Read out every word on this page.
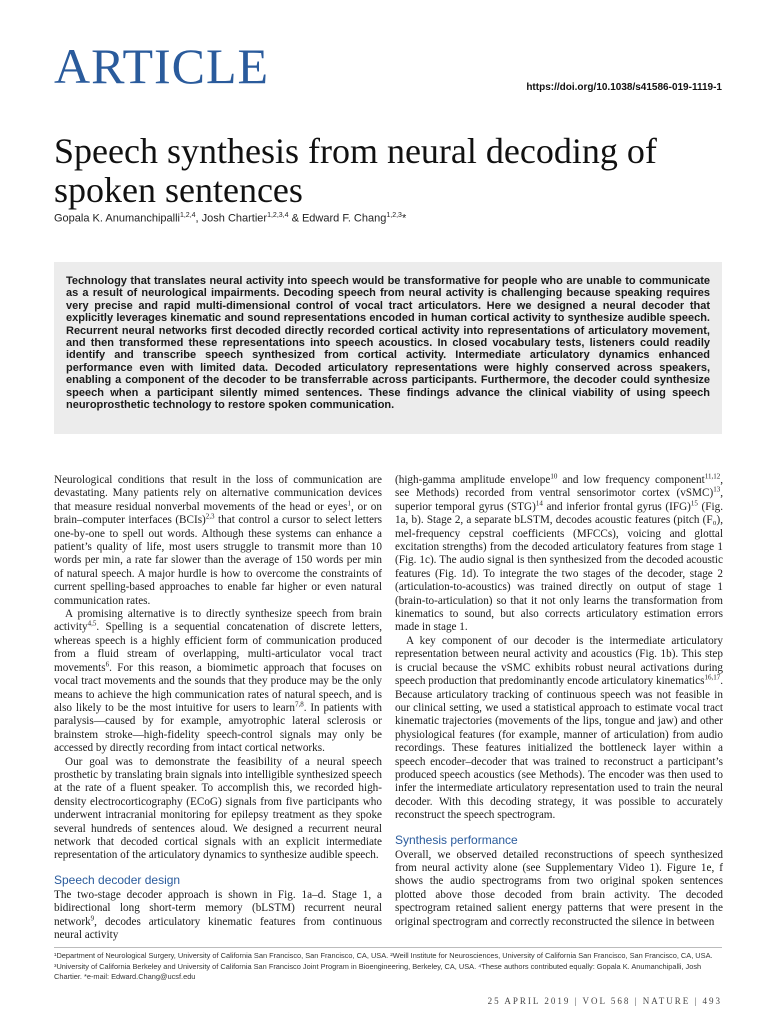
ARTICLE	https://doi.org/10.1038/s41586-019-1119-1
Speech synthesis from neural decoding of spoken sentences
Gopala K. Anumanchipalli$^{1,2,4}$, Josh Chartier$^{1,2,3,4}$ & Edward F. Chang$^{1,2,3}$*

Technology that translates neural activity into speech would be transformative for people who are unable to communicate as a result of neurological impairments. Decoding speech from neural activity is challenging because speaking requires very precise and rapid multi-dimensional control of vocal tract articulators. Here we designed a neural decoder that explicitly leverages kinematic and sound representations encoded in human cortical activity to synthesize audible speech. Recurrent neural networks first decoded directly recorded cortical activity into representations of articulatory movement, and then transformed these representations into speech acoustics. In closed vocabulary tests, listeners could readily identify and transcribe speech synthesized from cortical activity. Intermediate articulatory dynamics enhanced performance even with limited data. Decoded articulatory representations were highly conserved across speakers, enabling a component of the decoder to be transferrable across participants. Furthermore, the decoder could synthesize speech when a participant silently mimed sentences. These findings advance the clinical viability of using speech neuroprosthetic technology to restore spoken communication.

Neurological conditions that result in the loss of communication are devastating. Many patients rely on alternative communication devices that measure residual nonverbal movements of the head or eyes$^1$, or on brain–computer interfaces (BCIs)$^{2,3}$ that control a cursor to select letters one-by-one to spell out words. Although these systems can enhance a patient’s quality of life, most users struggle to transmit more than 10 words per min, a rate far slower than the average of 150 words per min of natural speech. A major hurdle is how to overcome the constraints of current spelling-based approaches to enable far higher or even natural communication rates.

A promising alternative is to directly synthesize speech from brain activity$^{4,5}$. Spelling is a sequential concatenation of discrete letters, whereas speech is a highly efficient form of communication produced from a fluid stream of overlapping, multi-articulator vocal tract movements$^6$. For this reason, a biomimetic approach that focuses on vocal tract movements and the sounds that they produce may be the only means to achieve the high communication rates of natural speech, and is also likely to be the most intuitive for users to learn$^{7,8}$. In patients with paralysis—caused by for example, amyotrophic lateral sclerosis or brainstem stroke—high-fidelity speech-control signals may only be accessed by directly recording from intact cortical networks.

Our goal was to demonstrate the feasibility of a neural speech prosthetic by translating brain signals into intelligible synthesized speech at the rate of a fluent speaker. To accomplish this, we recorded high-density electrocorticography (ECoG) signals from five participants who underwent intracranial monitoring for epilepsy treatment as they spoke several hundreds of sentences aloud. We designed a recurrent neural network that decoded cortical signals with an explicit intermediate representation of the articulatory dynamics to synthesize audible speech.

Speech decoder design

The two-stage decoder approach is shown in Fig. 1a–d. Stage 1, a bidirectional long short-term memory (bLSTM) recurrent neural network$^9$, decodes articulatory kinematic features from continuous neural activity

(high-gamma amplitude envelope$^{10}$ and low frequency component$^{11,12}$, see Methods) recorded from ventral sensorimotor cortex (vSMC)$^{13}$, superior temporal gyrus (STG)$^{14}$ and inferior frontal gyrus (IFG)$^{15}$ (Fig. 1a, b). Stage 2, a separate bLSTM, decodes acoustic features (pitch (F₀), mel-frequency cepstral coefficients (MFCCs), voicing and glottal excitation strengths) from the decoded articulatory features from stage 1 (Fig. 1c). The audio signal is then synthesized from the decoded acoustic features (Fig. 1d). To integrate the two stages of the decoder, stage 2 (articulation-to-acoustics) was trained directly on output of stage 1 (brain-to-articulation) so that it not only learns the transformation from kinematics to sound, but also corrects articulatory estimation errors made in stage 1.

A key component of our decoder is the intermediate articulatory representation between neural activity and acoustics (Fig. 1b). This step is crucial because the vSMC exhibits robust neural activations during speech production that predominantly encode articulatory kinematics$^{16,17}$. Because articulatory tracking of continuous speech was not feasible in our clinical setting, we used a statistical approach to estimate vocal tract kinematic trajectories (movements of the lips, tongue and jaw) and other physiological features (for example, manner of articulation) from audio recordings. These features initialized the bottleneck layer within a speech encoder–decoder that was trained to reconstruct a participant’s produced speech acoustics (see Methods). The encoder was then used to infer the intermediate articulatory representation used to train the neural decoder. With this decoding strategy, it was possible to accurately reconstruct the speech spectrogram.

Synthesis performance

Overall, we observed detailed reconstructions of speech synthesized from neural activity alone (see Supplementary Video 1). Figure 1e, f shows the audio spectrograms from two original spoken sentences plotted above those decoded from brain activity. The decoded spectrogram retained salient energy patterns that were present in the original spectrogram and correctly reconstructed the silence in between

¹Department of Neurological Surgery, University of California San Francisco, San Francisco, CA, USA. ²Weill Institute for Neurosciences, University of California San Francisco, San Francisco, CA, USA. ³University of California Berkeley and University of California San Francisco Joint Program in Bioengineering, Berkeley, CA, USA. ⁴These authors contributed equally: Gopala K. Anumanchipalli, Josh Chartier. *e-mail: Edward.Chang@ucsf.edu
25 APRIL 2019 | VOL 568 | NATURE | 493
